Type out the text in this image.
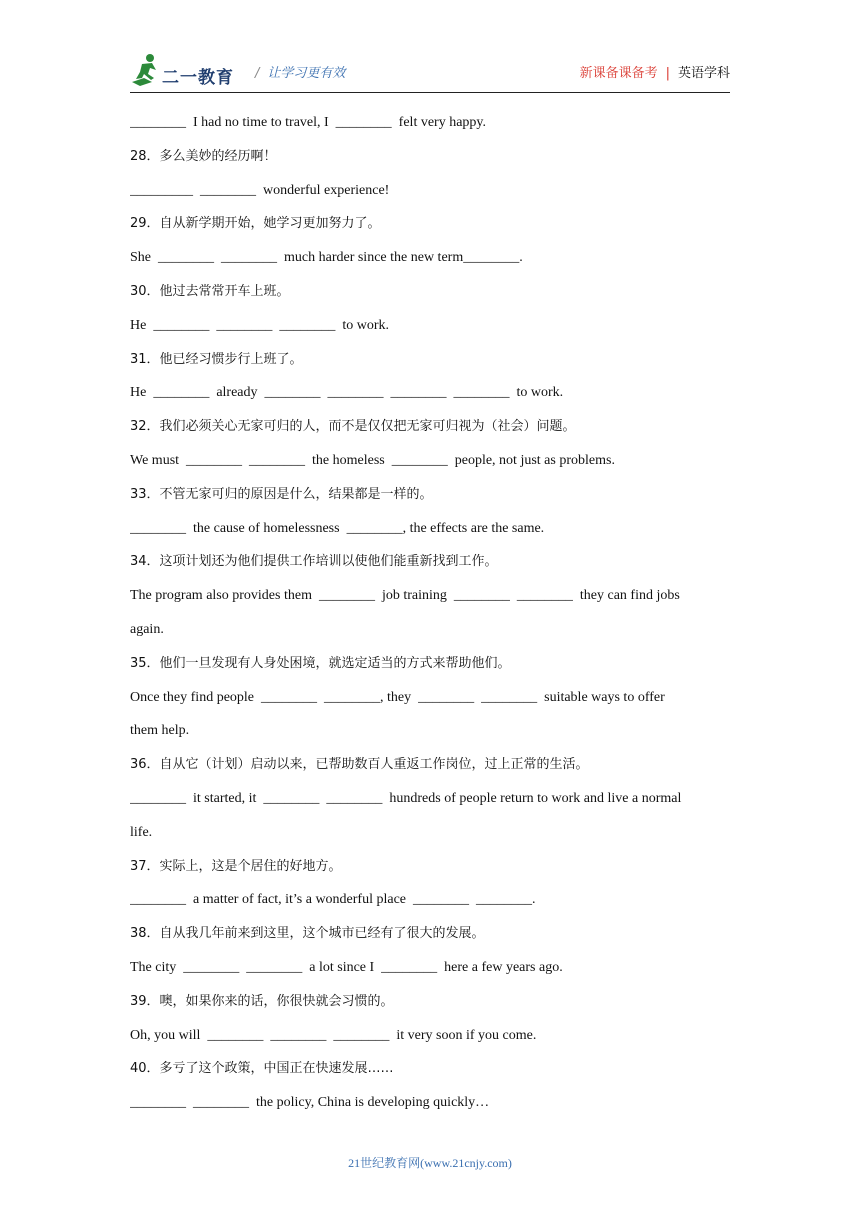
二一教育 / 让学习更有效	新课备课备考 | 英语学科
________  I had no time to travel, I  ________  felt very happy.
28．多么美妙的经历啊！
_________  ________  wonderful experience!
29．自从新学期开始，她学习更加努力了。
She  ________  ________  much harder since the new term________.
30．他过去常常开车上班。
He  ________  ________  ________  to work.
31．他已经习惯步行上班了。
He  ________  already  ________  ________  ________  ________  to work.
32．我们必须关心无家可归的人，而不是仅仅把无家可归视为（社会）问题。
We must  ________  ________  the homeless  ________  people, not just as problems.
33．不管无家可归的原因是什么，结果都是一样的。
________  the cause of homelessness  ________, the effects are the same.
34．这项计划还为他们提供工作培训以使他们能重新找到工作。
The program also provides them  ________  job training  ________  ________  they can find jobs
again.
35．他们一旦发现有人身处困境，就选定适当的方式来帮助他们。
Once they find people  ________  ________, they  ________  ________  suitable ways to offer
them help.
36．自从它（计划）启动以来，已帮助数百人重返工作岗位，过上正常的生活。
________  it started, it  ________  ________  hundreds of people return to work and live a normal
life.
37．实际上，这是个居住的好地方。
________  a matter of fact, it’s a wonderful place  ________  ________.
38．自从我几年前来到这里，这个城市已经有了很大的发展。
The city  ________  ________  a lot since I  ________  here a few years ago.
39．噢，如果你来的话，你很快就会习惯的。
Oh, you will  ________  ________  ________  it very soon if you come.
40．多亏了这个政策，中国正在快速发展……
________  ________  the policy, China is developing quickly…
21世纪教育网(www.21cnjy.com)
